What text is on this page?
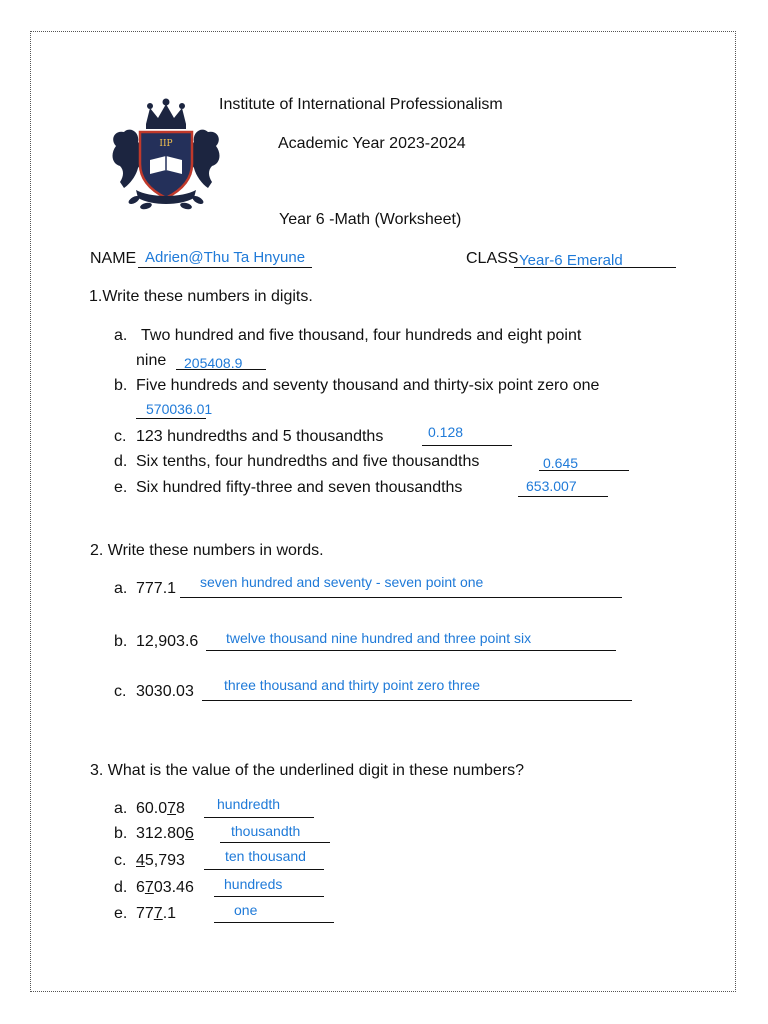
IIP
Institute of International Professionalism
Academic Year 2023-2024
Year 6 -Math (Worksheet)
NAME Adrien@Thu Ta Hnyune	CLASS Year-6 Emerald
1.Write these numbers in digits.
a. Two hundred and five thousand, four hundreds and eight point
nine 205408.9
b. Five hundreds and seventy thousand and thirty-six point zero one
570036.01
c. 123 hundredths and 5 thousandths	0.128
d. Six tenths, four hundredths and five thousandths	0.645
e. Six hundred fifty-three and seven thousandths	653.007
2. Write these numbers in words.
a. 777.1 seven hundred and seventy - seven point one
b. 12,903.6 twelve thousand nine hundred and three point six
c. 3030.03 three thousand and thirty point zero three
3. What is the value of the underlined digit in these numbers?
a. 60.078 hundredth
b. 312.806	thousandth
c. 45,793	ten thousand
d. 6703.46 hundreds
e. 777.1	one
